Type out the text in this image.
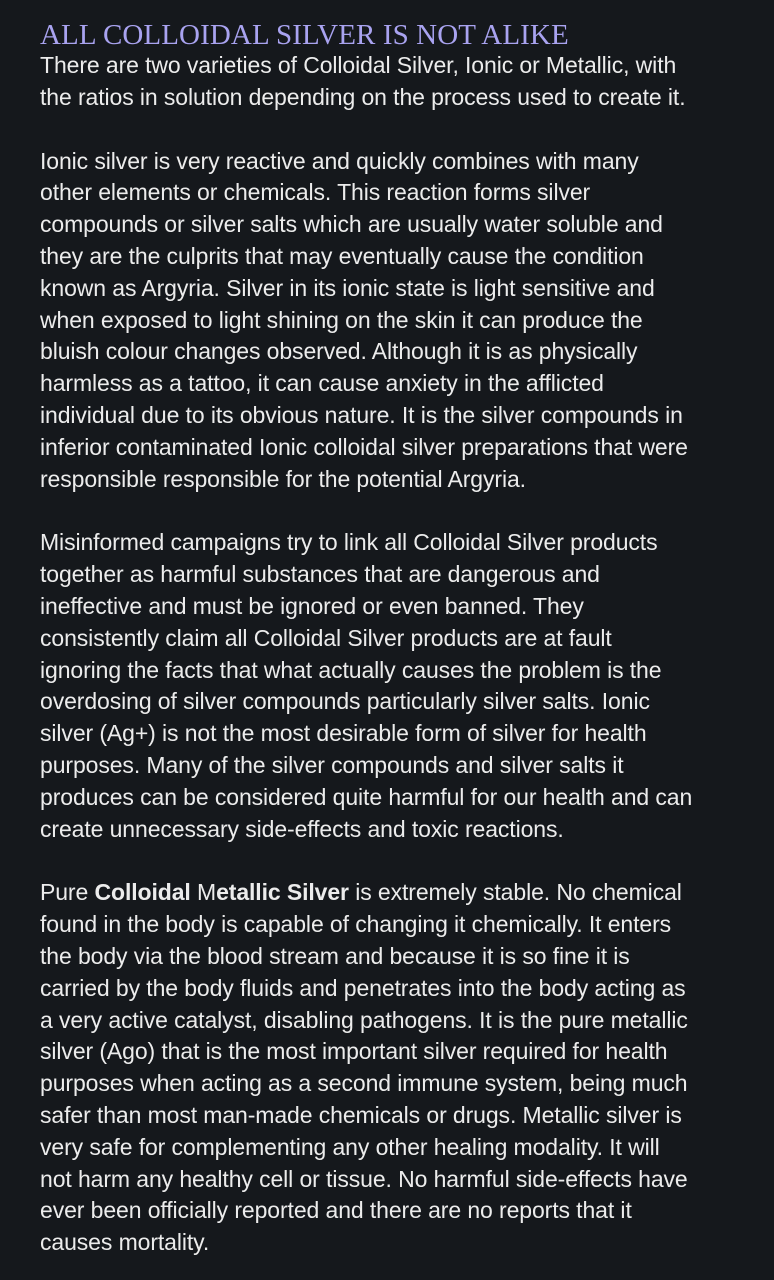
ALL COLLOIDAL SILVER IS NOT ALIKE

There are two varieties of Colloidal Silver, Ionic or Metallic, with
the ratios in solution depending on the process used to create it.

Ionic silver is very reactive and quickly combines with many
other elements or chemicals. This reaction forms silver
compounds or silver salts which are usually water soluble and
they are the culprits that may eventually cause the condition
known as Argyria. Silver in its ionic state is light sensitive and
when exposed to light shining on the skin it can produce the
bluish colour changes observed. Although it is as physically
harmless as a tattoo, it can cause anxiety in the afflicted
individual due to its obvious nature. It is the silver compounds in
inferior contaminated Ionic colloidal silver preparations that were
responsible responsible for the potential Argyria.

Misinformed campaigns try to link all Colloidal Silver products
together as harmful substances that are dangerous and
ineffective and must be ignored or even banned. They
consistently claim all Colloidal Silver products are at fault
ignoring the facts that what actually causes the problem is the
overdosing of silver compounds particularly silver salts. Ionic
silver (Ag+) is not the most desirable form of silver for health
purposes. Many of the silver compounds and silver salts it
produces can be considered quite harmful for our health and can
create unnecessary side-effects and toxic reactions.

Pure Colloidal Metallic Silver is extremely stable. No chemical
found in the body is capable of changing it chemically. It enters
the body via the blood stream and because it is so fine it is
carried by the body fluids and penetrates into the body acting as
a very active catalyst, disabling pathogens. It is the pure metallic
silver (Ago) that is the most important silver required for health
purposes when acting as a second immune system, being much
safer than most man-made chemicals or drugs. Metallic silver is
very safe for complementing any other healing modality. It will
not harm any healthy cell or tissue. No harmful side-effects have
ever been officially reported and there are no reports that it
causes mortality.
